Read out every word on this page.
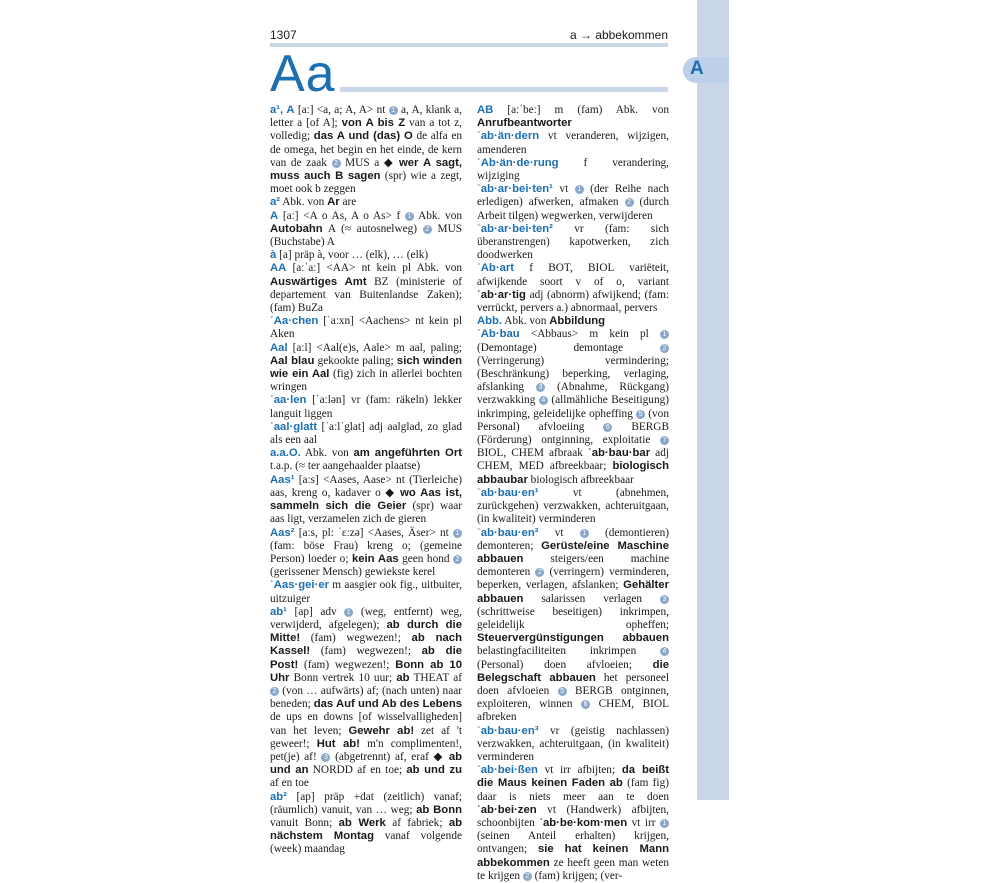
A
1307	a → abbekommen
Aa

a¹, A [aː] <a, a; A, A> nt 1 a, A, klank a, letter a [of A]; von A bis Z van a tot z, volledig; das A und (das) O de alfa en de omega, het begin en het einde, de kern van de zaak 2 MUS a ◆ wer A sagt, muss auch B sagen (spr) wie a zegt, moet ook b zeggen

a² Abk. von Ar are

A [aː] <A o As, A o As> f 1 Abk. von Autobahn A (≈ autosnelweg) 2 MUS (Buchstabe) A

à [a] präp à, voor … (elk), … (elk)

AA [aːˈaː] <AA> nt kein pl Abk. von Auswärtiges Amt BZ (ministerie of departement van Buitenlandse Zaken); (fam) BuZa

ˈAa·chen [ˈaːxn] <Aachens> nt kein pl Aken

Aal [aːl] <Aal(e)s, Aale> m aal, paling; Aal blau gekookte paling; sich winden wie ein Aal (fig) zich in allerlei bochten wringen

ˈaa·len [ˈaːlən] vr (fam: räkeln) lekker languit liggen

ˈaal·glatt [ˈaːlˈglat] adj aalglad, zo glad als een aal

a.a.O. Abk. von am angeführten Ort t.a.p. (≈ ter aangehaalder plaatse)

Aas¹ [aːs] <Aases, Aase> nt (Tierleiche) aas, kreng o, kadaver o ◆ wo Aas ist, sammeln sich die Geier (spr) waar aas ligt, verzamelen zich de gieren

Aas² [aːs, pl: ˈɛːzə] <Aases, Äser> nt 1 (fam: böse Frau) kreng o; (gemeine Person) loeder o; kein Aas geen hond 2 (gerissener Mensch) gewiekste kerel

ˈAas·gei·er m aasgier ook fig., uitbuiter, uitzuiger

ab¹ [ap] adv 1 (weg, entfernt) weg, verwijderd, afgelegen); ab durch die Mitte! (fam) wegwezen!; ab nach Kassel! (fam) wegwezen!; ab die Post! (fam) wegwezen!; Bonn ab 10 Uhr Bonn vertrek 10 uur; ab THEAT af 2 (von … aufwärts) af; (nach unten) naar beneden; das Auf und Ab des Lebens de ups en downs [of wisselvalligheden] van het leven; Gewehr ab! zet af 't geweer!; Hut ab! m'n complimenten!, pet(je) af! 3 (abgetrennt) af, eraf ◆ ab und an NORDD af en toe; ab und zu af en toe

ab² [ap] präp +dat (zeitlich) vanaf; (räumlich) vanuit, van … weg; ab Bonn vanuit Bonn; ab Werk af fabriek; ab nächstem Montag vanaf volgende (week) maandag

AB [aːˈbeː] m (fam) Abk. von Anrufbeantworter

ˈab·än·dern vt veranderen, wijzigen, amenderen

ˈAb·än·de·rung f verandering, wijziging

ˈab·ar·bei·ten¹ vt 1 (der Reihe nach erledigen) afwerken, afmaken 2 (durch Arbeit tilgen) wegwerken, verwijderen

ˈab·ar·bei·ten² vr (fam: sich überanstrengen) kapotwerken, zich doodwerken

ˈAb·art f BOT, BIOL variëteit, afwijkende soort v of o, variant ˈab·ar·tig adj (abnorm) afwijkend; (fam: verrückt, pervers a.) abnormaal, pervers

Abb. Abk. von Abbildung

ˈAb·bau <Abbaus> m kein pl 1 (Demontage) demontage 2 (Verringerung) vermindering; (Beschränkung) beperking, verlaging, afslanking 3 (Abnahme, Rückgang) verzwakking 4 (allmähliche Beseitigung) inkrimping, geleidelijke opheffing 5 (von Personal) afvloeiing 6 BERGB (Förderung) ontginning, exploitatie 7 BIOL, CHEM afbraak ˈab·bau·bar adj CHEM, MED afbreekbaar; biologisch abbaubar biologisch afbreekbaar

ˈab·bau·en¹ vt (abnehmen, zurückgehen) verzwakken, achteruitgaan, (in kwaliteit) verminderen

ˈab·bau·en² vt 1 (demontieren) demonteren; Gerüste/eine Maschine abbauen steigers/een machine demonteren 2 (verringern) verminderen, beperken, verlagen, afslanken; Gehälter abbauen salarissen verlagen 3 (schrittweise beseitigen) inkrimpen, geleidelijk opheffen; Steuervergünstigungen abbauen belastingfaciliteiten inkrimpen 4 (Personal) doen afvloeien; die Belegschaft abbauen het personeel doen afvloeien 5 BERGB ontginnen, exploiteren, winnen 6 CHEM, BIOL afbreken

ˈab·bau·en³ vr (geistig nachlassen) verzwakken, achteruitgaan, (in kwaliteit) verminderen

ˈab·bei·ßen vt irr afbijten; da beißt die Maus keinen Faden ab (fam fig) daar is niets meer aan te doen ˈab·bei·zen vt (Handwerk) afbijten, schoonbijten ˈab·be·kom·men vt irr 1 (seinen Anteil erhalten) krijgen, ontvangen; sie hat keinen Mann abbekommen ze heeft geen man weten te krijgen 2 (fam) krijgen; (ver-
